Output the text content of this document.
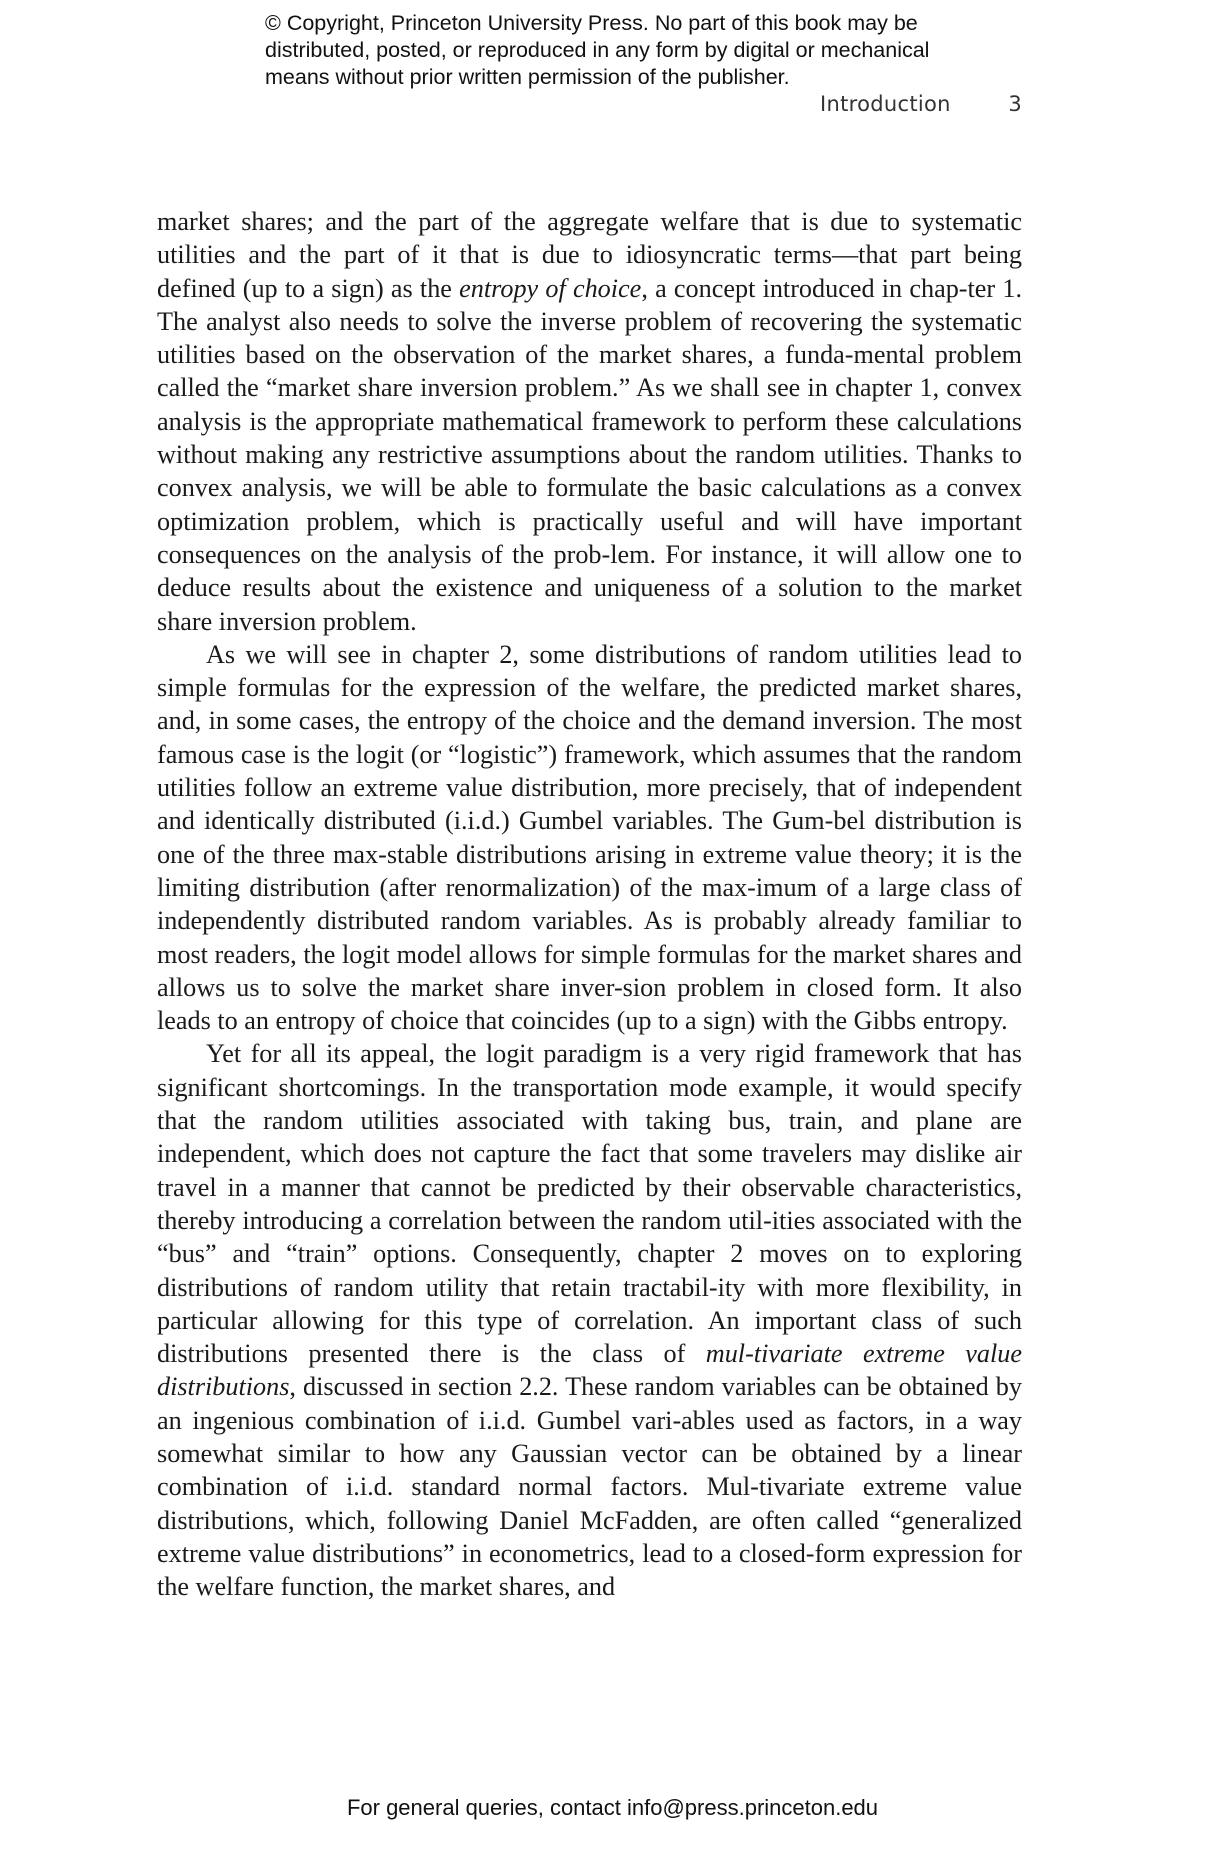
© Copyright, Princeton University Press. No part of this book may be
distributed, posted, or reproduced in any form by digital or mechanical
means without prior written permission of the publisher.
Introduction	3

market shares; and the part of the aggregate welfare that is due to systematic utilities and the part of it that is due to idiosyncratic terms—that part being defined (up to a sign) as the entropy of choice, a concept introduced in chap-ter 1. The analyst also needs to solve the inverse problem of recovering the systematic utilities based on the observation of the market shares, a funda-mental problem called the “market share inversion problem.” As we shall see in chapter 1, convex analysis is the appropriate mathematical framework to perform these calculations without making any restrictive assumptions about the random utilities. Thanks to convex analysis, we will be able to formulate the basic calculations as a convex optimization problem, which is practically useful and will have important consequences on the analysis of the prob-lem. For instance, it will allow one to deduce results about the existence and uniqueness of a solution to the market share inversion problem.

As we will see in chapter 2, some distributions of random utilities lead to simple formulas for the expression of the welfare, the predicted market shares, and, in some cases, the entropy of the choice and the demand inversion. The most famous case is the logit (or “logistic”) framework, which assumes that the random utilities follow an extreme value distribution, more precisely, that of independent and identically distributed (i.i.d.) Gumbel variables. The Gum-bel distribution is one of the three max-stable distributions arising in extreme value theory; it is the limiting distribution (after renormalization) of the max-imum of a large class of independently distributed random variables. As is probably already familiar to most readers, the logit model allows for simple formulas for the market shares and allows us to solve the market share inver-sion problem in closed form. It also leads to an entropy of choice that coincides (up to a sign) with the Gibbs entropy.

Yet for all its appeal, the logit paradigm is a very rigid framework that has significant shortcomings. In the transportation mode example, it would specify that the random utilities associated with taking bus, train, and plane are independent, which does not capture the fact that some travelers may dislike air travel in a manner that cannot be predicted by their observable characteristics, thereby introducing a correlation between the random util-ities associated with the “bus” and “train” options. Consequently, chapter 2 moves on to exploring distributions of random utility that retain tractabil-ity with more flexibility, in particular allowing for this type of correlation. An important class of such distributions presented there is the class of mul-tivariate extreme value distributions, discussed in section 2.2. These random variables can be obtained by an ingenious combination of i.i.d. Gumbel vari-ables used as factors, in a way somewhat similar to how any Gaussian vector can be obtained by a linear combination of i.i.d. standard normal factors. Mul-tivariate extreme value distributions, which, following Daniel McFadden, are often called “generalized extreme value distributions” in econometrics, lead to a closed-form expression for the welfare function, the market shares, and

For general queries, contact info@press.princeton.edu
